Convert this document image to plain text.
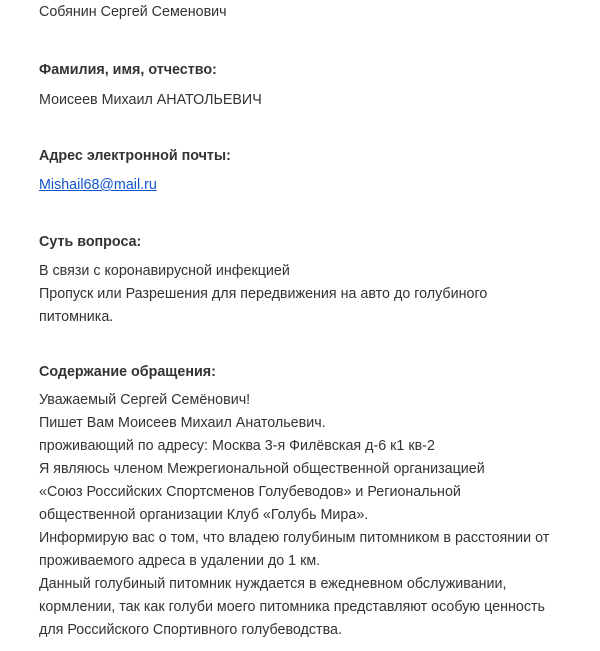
Собянин Сергей Семенович
Фамилия, имя, отчество:
Моисеев Михаил АНАТОЛЬЕВИЧ
Адрес электронной почты:
Mishail68@mail.ru
Суть вопроса:
В связи с коронавирусной инфекцией
Пропуск или Разрешения для передвижения на авто до голубиного
питомника.
Содержание обращения:
Уважаемый Сергей Семёнович!
Пишет Вам Моисеев Михаил Анатольевич.
проживающий по адресу: Москва 3-я Филёвская д-6 к1 кв-2
Я являюсь членом Межрегиональной общественной организацией
«Союз Российских Спортсменов Голубеводов» и Региональной
общественной организации Клуб «Голубь Мира».
Информирую вас о том, что владею голубиным питомником в расстоянии от
проживаемого адреса в удалении до 1 км.
Данный голубиный питомник нуждается в ежедневном обслуживании,
кормлении, так как голуби моего питомника представляют особую ценность
для Российского Спортивного голубеводства.
